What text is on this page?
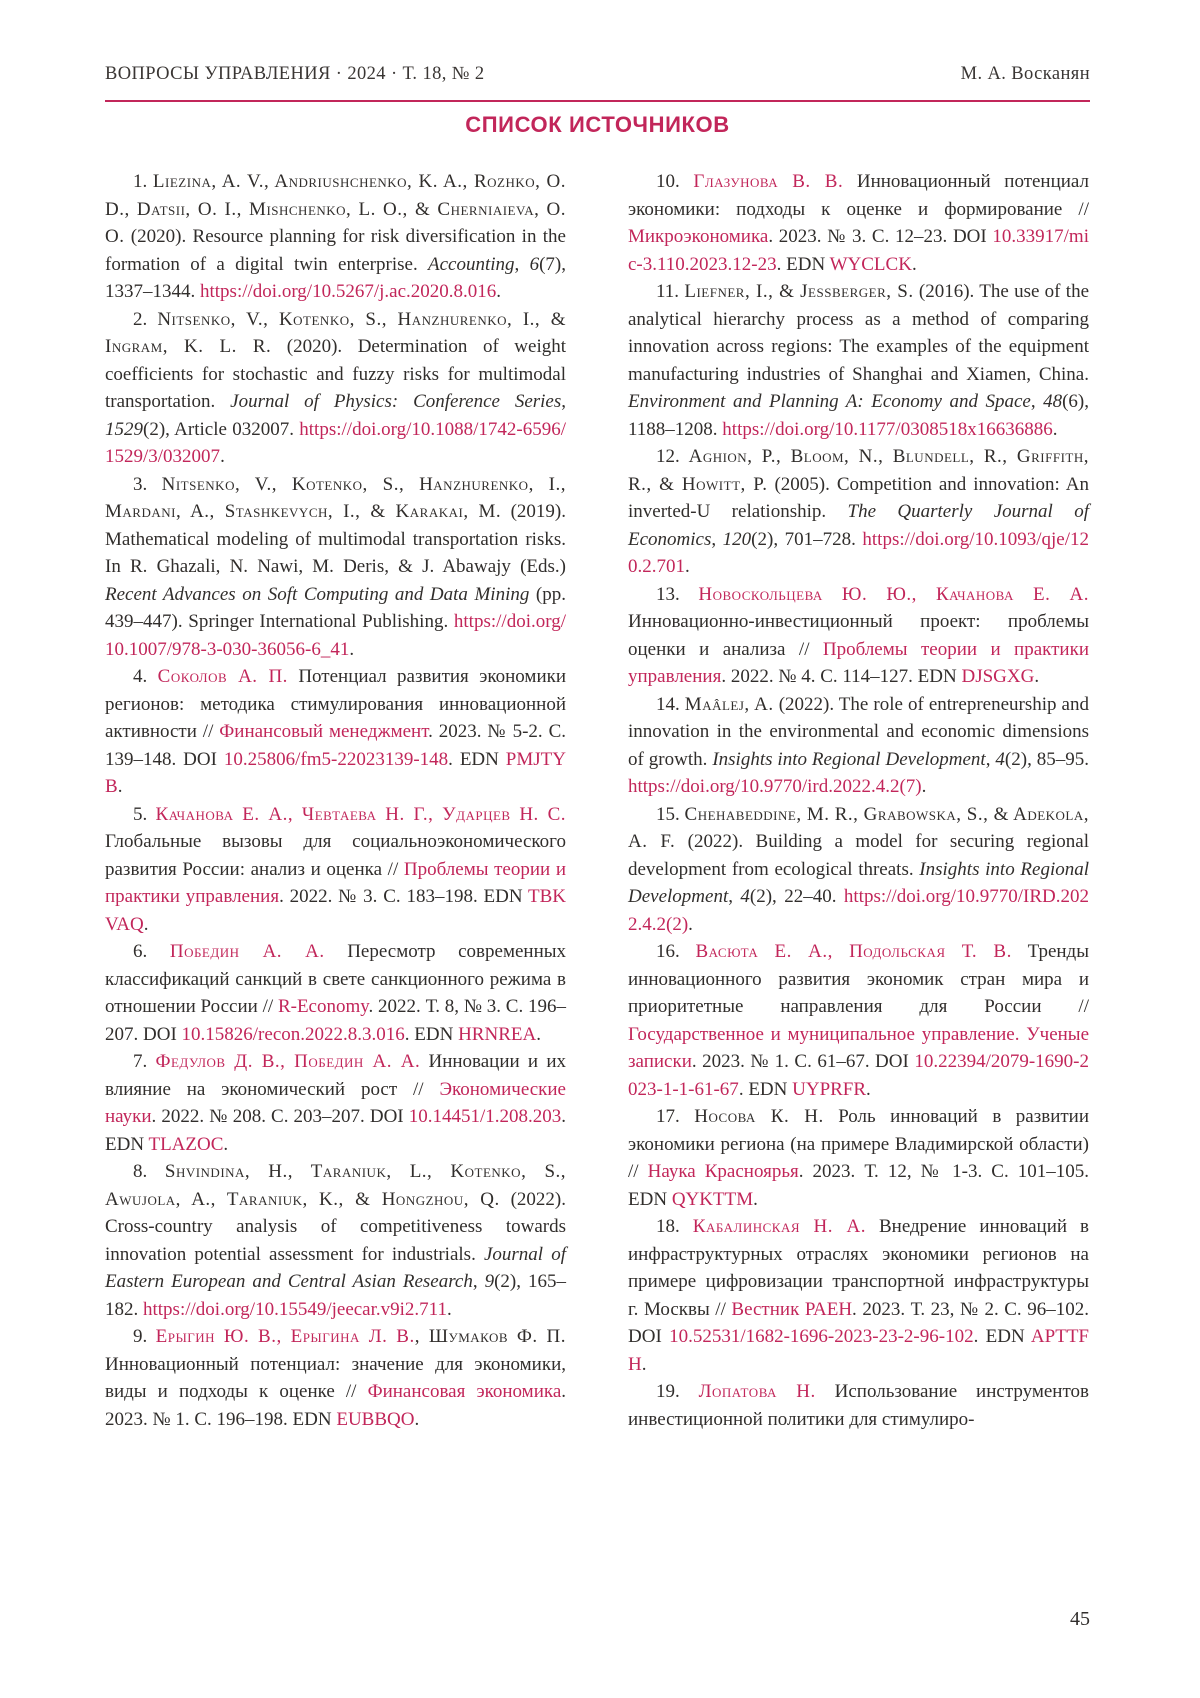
ВОПРОСЫ УПРАВЛЕНИЯ · 2024 · Т. 18, № 2	М. А. Восканян
СПИСОК ИСТОЧНИКОВ

1. Liezina, A. V., Andriushchenko, K. A., Rozhko, O. D., Datsii, O. I., Mishchenko, L. O., & Cherniaieva, O. O. (2020). Resource planning for risk diversification in the formation of a digital twin enterprise. Accounting, 6(7), 1337–1344. https://doi.org/10.5267/j.ac.2020.8.016.

2. Nitsenko, V., Kotenko, S., Hanzhurenko, I., & Ingram, K. L. R. (2020). Determination of weight coefficients for stochastic and fuzzy risks for multimodal transportation. Journal of Physics: Conference Series, 1529(2), Article 032007. https://doi.org/10.1088/1742-6596/1529/3/032007.

3. Nitsenko, V., Kotenko, S., Hanzhurenko, I., Mardani, A., Stashkevych, I., & Karakai, M. (2019). Mathematical modeling of multimodal transportation risks. In R. Ghazali, N. Nawi, M. Deris, & J. Abawajy (Eds.) Recent Advances on Soft Computing and Data Mining (pp. 439–447). Springer International Publishing. https://doi.org/10.1007/978-3-030-36056-6_41.

4. Соколов А. П. Потенциал развития экономики регионов: методика стимулирования инновационной активности // Финансовый менеджмент. 2023. № 5-2. С. 139–148. DOI 10.25806/fm5-22023139-148. EDN PMJTYB.

5. Качанова Е. А., Чевтаева Н. Г., Ударцев Н. С. Глобальные вызовы для социальноэкономического развития России: анализ и оценка // Проблемы теории и практики управления. 2022. № 3. С. 183–198. EDN TBKVAQ.

6. Победин А. А. Пересмотр современных классификаций санкций в свете санкционного режима в отношении России // R-Economy. 2022. Т. 8, № 3. С. 196–207. DOI 10.15826/recon.2022.8.3.016. EDN HRNREA.

7. Федулов Д. В., Победин А. А. Инновации и их влияние на экономический рост // Экономические науки. 2022. № 208. С. 203–207. DOI 10.14451/1.208.203. EDN TLAZOC.

8. Shvindina, H., Taraniuk, L., Kotenko, S., Awujola, A., Taraniuk, K., & Hongzhou, Q. (2022). Cross-country analysis of competitiveness towards innovation potential assessment for industrials. Journal of Eastern European and Central Asian Research, 9(2), 165–182. https://doi.org/10.15549/jeecar.v9i2.711.

9. Ерыгин Ю. В., Ерыгина Л. В., Шумаков Ф. П. Инновационный потенциал: значение для экономики, виды и подходы к оценке // Финансовая экономика. 2023. № 1. С. 196–198. EDN EUBBQO.

10. Глазунова В. В. Инновационный потенциал экономики: подходы к оценке и формирование // Микроэкономика. 2023. № 3. С. 12–23. DOI 10.33917/mic-3.110.2023.12-23. EDN WYCLCK.

11. Liefner, I., & Jessberger, S. (2016). The use of the analytical hierarchy process as a method of comparing innovation across regions: The examples of the equipment manufacturing industries of Shanghai and Xiamen, China. Environment and Planning A: Economy and Space, 48(6), 1188–1208. https://doi.org/10.1177/0308518x16636886.

12. Aghion, P., Bloom, N., Blundell, R., Griffith, R., & Howitt, P. (2005). Competition and innovation: An inverted-U relationship. The Quarterly Journal of Economics, 120(2), 701–728. https://doi.org/10.1093/qje/120.2.701.

13. Новоскольцева Ю. Ю., Качанова Е. А. Инновационно-инвестиционный проект: проблемы оценки и анализа // Проблемы теории и практики управления. 2022. № 4. С. 114–127. EDN DJSGXG.

14. Maâlej, A. (2022). The role of entrepreneurship and innovation in the environmental and economic dimensions of growth. Insights into Regional Development, 4(2), 85–95. https://doi.org/10.9770/ird.2022.4.2(7).

15. Chehabeddine, M. R., Grabowska, S., & Adekola, A. F. (2022). Building a model for securing regional development from ecological threats. Insights into Regional Development, 4(2), 22–40. https://doi.org/10.9770/IRD.2022.4.2(2).

16. Васюта Е. А., Подольская Т. В. Тренды инновационного развития экономик стран мира и приоритетные направления для России // Государственное и муниципальное управление. Ученые записки. 2023. № 1. С. 61–67. DOI 10.22394/2079-1690-2023-1-1-61-67. EDN UYPRFR.

17. Носова К. Н. Роль инноваций в развитии экономики региона (на примере Владимирской области) // Наука Красноярья. 2023. Т. 12, № 1-3. С. 101–105. EDN QYKTTM.

18. Кабалинская Н. А. Внедрение инноваций в инфраструктурных отраслях экономики регионов на примере цифровизации транспортной инфраструктуры г. Москвы // Вестник РАЕН. 2023. Т. 23, № 2. С. 96–102. DOI 10.52531/1682-1696-2023-23-2-96-102. EDN APTTFH.

19. Лопатова Н. Использование инструментов инвестиционной политики для стимулиро-

45
